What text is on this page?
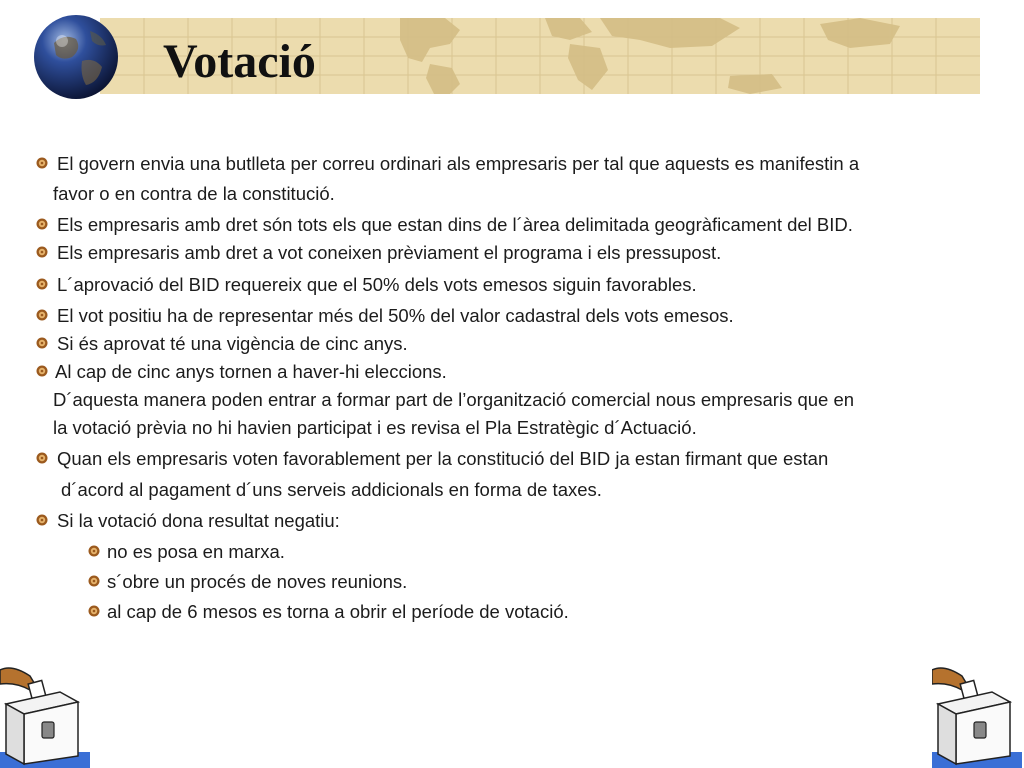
Votació
El govern envia una butlleta per correu ordinari als empresaris per tal que aquests es manifestin a
favor o en contra de la constitució.
Els empresaris amb dret són tots els que estan dins de l´àrea delimitada geogràficament del BID.
Els empresaris amb dret a vot coneixen prèviament el programa i els pressupost.
L´aprovació del BID requereix que el 50% dels vots emesos siguin favorables.
El vot positiu ha de representar més del 50% del valor cadastral dels vots emesos.
Si és aprovat té una vigència de cinc anys.
Al cap de cinc anys tornen a haver-hi eleccions.
D´aquesta manera poden entrar a formar part de l’organització comercial nous empresaris que en
la votació prèvia no hi havien participat i es revisa el Pla Estratègic d´Actuació.
Quan els empresaris voten favorablement per la constitució del BID ja estan firmant que estan
d´acord al pagament d´uns serveis addicionals en forma de taxes.
Si la votació dona resultat negatiu:
no es posa en marxa.
s´obre un procés de noves reunions.
al cap de 6 mesos es torna a obrir el període de votació.
